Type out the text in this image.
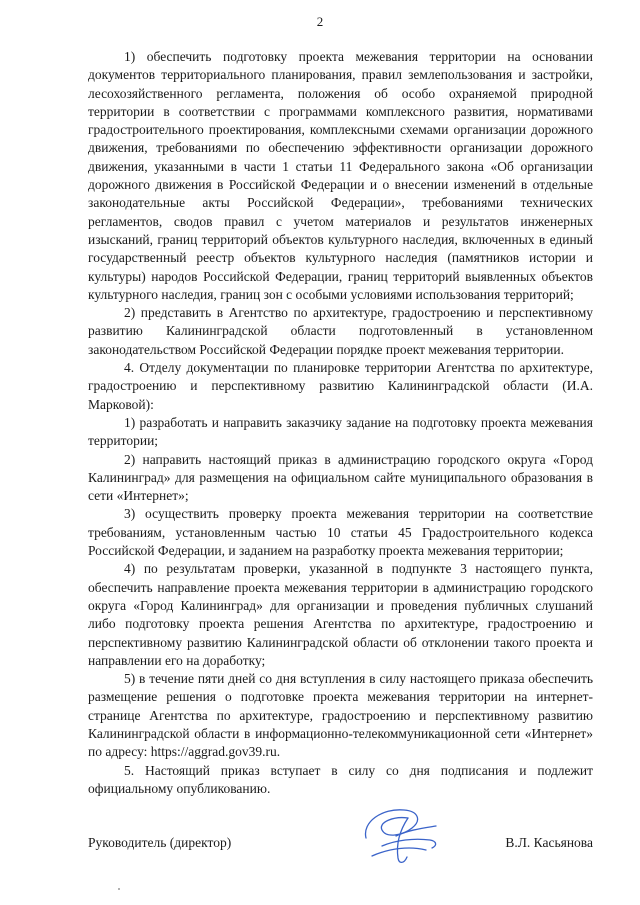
2

1) обеспечить подготовку проекта межевания территории на основании документов территориального планирования, правил землепользования и застройки, лесохозяйственного регламента, положения об особо охраняемой природной территории в соответствии с программами комплексного развития, нормативами градостроительного проектирования, комплексными схемами организации дорожного движения, требованиями по обеспечению эффективности организации дорожного движения, указанными в части 1 статьи 11 Федерального закона «Об организации дорожного движения в Российской Федерации и о внесении изменений в отдельные законодательные акты Российской Федерации», требованиями технических регламентов, сводов правил с учетом материалов и результатов инженерных изысканий, границ территорий объектов культурного наследия, включенных в единый государственный реестр объектов культурного наследия (памятников истории и культуры) народов Российской Федерации, границ территорий выявленных объектов культурного наследия, границ зон с особыми условиями использования территорий;

2) представить в Агентство по архитектуре, градостроению и перспективному развитию Калининградской области подготовленный в установленном законодательством Российской Федерации порядке проект межевания территории.

4. Отделу документации по планировке территории Агентства по архитектуре, градостроению и перспективному развитию Калининградской области (И.А. Марковой):

1) разработать и направить заказчику задание на подготовку проекта межевания территории;

2) направить настоящий приказ в администрацию городского округа «Город Калининград» для размещения на официальном сайте муниципального образования в сети «Интернет»;

3) осуществить проверку проекта межевания территории на соответствие требованиям, установленным частью 10 статьи 45 Градостроительного кодекса Российской Федерации, и заданием на разработку проекта межевания территории;

4) по результатам проверки, указанной в подпункте 3 настоящего пункта, обеспечить направление проекта межевания территории в администрацию городского округа «Город Калининград» для организации и проведения публичных слушаний либо подготовку проекта решения Агентства по архитектуре, градостроению и перспективному развитию Калининградской области об отклонении такого проекта и направлении его на доработку;

5) в течение пяти дней со дня вступления в силу настоящего приказа обеспечить размещение решения о подготовке проекта межевания территории на интернет-странице Агентства по архитектуре, градостроению и перспективному развитию Калининградской области в информационно-телекоммуникационной сети «Интернет» по адресу: https://aggrad.gov39.ru.

5. Настоящий приказ вступает в силу со дня подписания и подлежит официальному опубликованию.

Руководитель (директор)	В.Л. Касьянова
